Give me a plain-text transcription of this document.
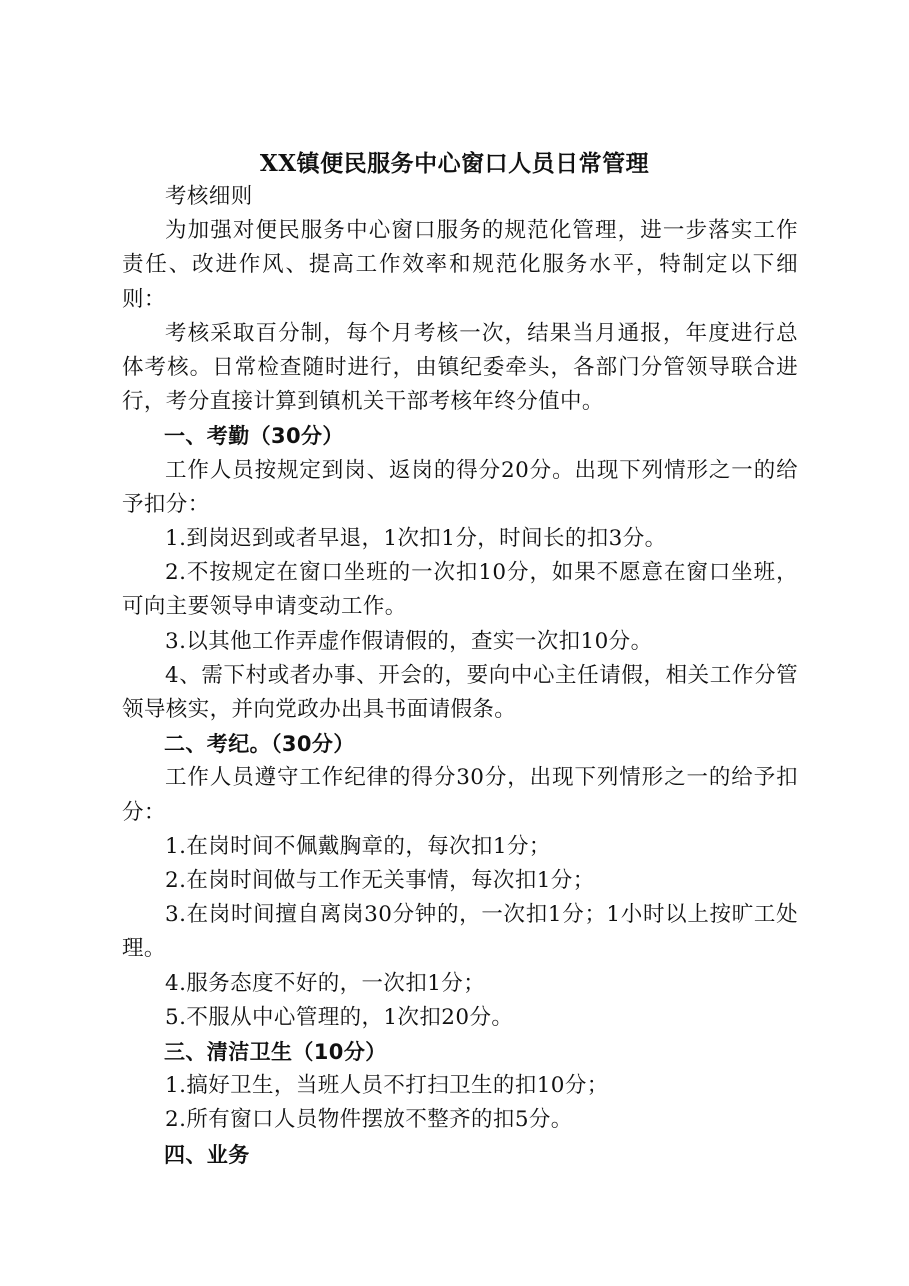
XX镇便民服务中心窗口人员日常管理

考核细则

为加强对便民服务中心窗口服务的规范化管理，进一步落实工作责任、改进作风、提高工作效率和规范化服务水平，特制定以下细则：

考核采取百分制，每个月考核一次，结果当月通报，年度进行总体考核。日常检查随时进行，由镇纪委牵头，各部门分管领导联合进行，考分直接计算到镇机关干部考核年终分值中。

一、考勤（30分）

工作人员按规定到岗、返岗的得分20分。出现下列情形之一的给予扣分：

1.到岗迟到或者早退，1次扣1分，时间长的扣3分。

2.不按规定在窗口坐班的一次扣10分，如果不愿意在窗口坐班，可向主要领导申请变动工作。

3.以其他工作弄虚作假请假的，查实一次扣10分。

4、需下村或者办事、开会的，要向中心主任请假，相关工作分管领导核实，并向党政办出具书面请假条。

二、考纪。（30分）

工作人员遵守工作纪律的得分30分，出现下列情形之一的给予扣分：

1.在岗时间不佩戴胸章的，每次扣1分；

2.在岗时间做与工作无关事情，每次扣1分；

3.在岗时间擅自离岗30分钟的，一次扣1分；1小时以上按旷工处理。

4.服务态度不好的，一次扣1分；

5.不服从中心管理的，1次扣20分。

三、清洁卫生（10分）

1.搞好卫生，当班人员不打扫卫生的扣10分；

2.所有窗口人员物件摆放不整齐的扣5分。

四、业务
